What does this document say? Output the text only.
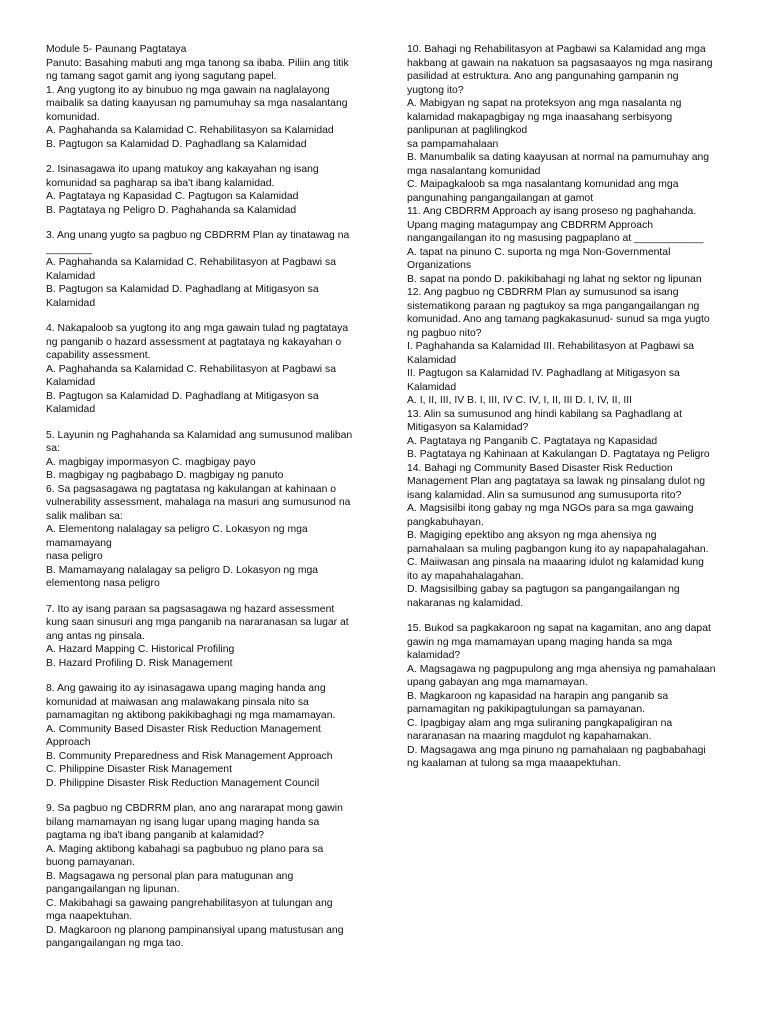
Module 5- Paunang Pagtataya
Panuto: Basahing mabuti ang mga tanong sa ibaba. Piliin ang titik
ng tamang sagot gamit ang iyong sagutang papel.
1. Ang yugtong ito ay binubuo ng mga gawain na naglalayong
maibalik sa dating kaayusan ng pamumuhay sa mga nasalantang
komunidad.
A. Paghahanda sa Kalamidad C. Rehabilitasyon sa Kalamidad
B. Pagtugon sa Kalamidad D. Paghadlang sa Kalamidad
2. Isinasagawa ito upang matukoy ang kakayahan ng isang
komunidad sa pagharap sa iba't ibang kalamidad.
A. Pagtataya ng Kapasidad C. Pagtugon sa Kalamidad
B. Pagtataya ng Peligro D. Paghahanda sa Kalamidad
3. Ang unang yugto sa pagbuo ng CBDRRM Plan ay tinatawag na
________
A. Paghahanda sa Kalamidad C. Rehabilitasyon at Pagbawi sa
Kalamidad
B. Pagtugon sa Kalamidad D. Paghadlang at Mitigasyon sa
Kalamidad
4. Nakapaloob sa yugtong ito ang mga gawain tulad ng pagtataya
ng panganib o hazard assessment at pagtataya ng kakayahan o
capability assessment.
A. Paghahanda sa Kalamidad C. Rehabilitasyon at Pagbawi sa
Kalamidad
B. Pagtugon sa Kalamidad D. Paghadlang at Mitigasyon sa
Kalamidad
5. Layunin ng Paghahanda sa Kalamidad ang sumusunod maliban
sa:
A. magbigay impormasyon C. magbigay payo
B. magbigay ng pagbabago D. magbigay ng panuto
6. Sa pagsasagawa ng pagtatasa ng kakulangan at kahinaan o
vulnerability assessment, mahalaga na masuri ang sumusunod na
salik maliban sa:
A. Elementong nalalagay sa peligro C. Lokasyon ng mga
mamamayang
nasa peligro
B. Mamamayang nalalagay sa peligro D. Lokasyon ng mga
elementong nasa peligro
7. Ito ay isang paraan sa pagsasagawa ng hazard assessment
kung saan sinusuri ang mga panganib na nararanasan sa lugar at
ang antas ng pinsala.
A. Hazard Mapping C. Historical Profiling
B. Hazard Profiling D. Risk Management
8. Ang gawaing ito ay isinasagawa upang maging handa ang
komunidad at maiwasan ang malawakang pinsala nito sa
pamamagitan ng aktibong pakikibaghagi ng mga mamamayan.
A. Community Based Disaster Risk Reduction Management
Approach
B. Community Preparedness and Risk Management Approach
C. Philippine Disaster Risk Management
D. Philippine Disaster Risk Reduction Management Council
9. Sa pagbuo ng CBDRRM plan, ano ang nararapat mong gawin
bilang mamamayan ng isang lugar upang maging handa sa
pagtama ng iba't ibang panganib at kalamidad?
A. Maging aktibong kabahagi sa pagbubuo ng plano para sa
buong pamayanan.
B. Magsagawa ng personal plan para matugunan ang
pangangailangan ng lipunan.
C. Makibahagi sa gawaing pangrehabilitasyon at tulungan ang
mga naapektuhan.
D. Magkaroon ng planong pampinansiyal upang matustusan ang
pangangailangan ng mga tao.
10. Bahagi ng Rehabilitasyon at Pagbawi sa Kalamidad ang mga
hakbang at gawain na nakatuon sa pagsasaayos ng mga nasirang
pasilidad at estruktura. Ano ang pangunahing gampanin ng
yugtong ito?
A. Mabigyan ng sapat na proteksyon ang mga nasalanta ng
kalamidad makapagbigay ng mga inaasahang serbisyong
panlipunan at paglilingkod
sa pampamahalaan
B. Manumbalik sa dating kaayusan at normal na pamumuhay ang
mga nasalantang komunidad
C. Maipagkaloob sa mga nasalantang komunidad ang mga
pangunahing pangangailangan at gamot
11. Ang CBDRRM Approach ay isang proseso ng paghahanda.
Upang maging matagumpay ang CBDRRM Approach
nangangailangan ito ng masusing pagpaplano at ____________
A. tapat na pinuno C. suporta ng mga Non-Governmental
Organizations
B. sapat na pondo D. pakikibahagi ng lahat ng sektor ng lipunan
12. Ang pagbuo ng CBDRRM Plan ay sumusunod sa isang
sistematikong paraan ng pagtukoy sa mga pangangailangan ng
komunidad. Ano ang tamang pagkakasunud- sunud sa mga yugto
ng pagbuo nito?
I. Paghahanda sa Kalamidad III. Rehabilitasyon at Pagbawi sa
Kalamidad
II. Pagtugon sa Kalamidad IV. Paghadlang at Mitigasyon sa
Kalamidad
A. I, II, III, IV B. I, III, IV C. IV, I, II, III D. I, IV, II, III
13. Alin sa sumusunod ang hindi kabilang sa Paghadlang at
Mitigasyon sa Kalamidad?
A. Pagtataya ng Panganib C. Pagtataya ng Kapasidad
B. Pagtataya ng Kahinaan at Kakulangan D. Pagtataya ng Peligro
14. Bahagi ng Community Based Disaster Risk Reduction
Management Plan ang pagtataya sa lawak ng pinsalang dulot ng
isang kalamidad. Alin sa sumusunod ang sumusuporta rito?
A. Magsisilbi itong gabay ng mga NGOs para sa mga gawaing
pangkabuhayan.
B. Magiging epektibo ang aksyon ng mga ahensiya ng
pamahalaan sa muling pagbangon kung ito ay napapahalagahan.
C. Maiiwasan ang pinsala na maaaring idulot ng kalamidad kung
ito ay mapahahalagahan.
D. Magsisilbing gabay sa pagtugon sa pangangailangan ng
nakaranas ng kalamidad.
15. Bukod sa pagkakaroon ng sapat na kagamitan, ano ang dapat
gawin ng mga mamamayan upang maging handa sa mga
kalamidad?
A. Magsagawa ng pagpupulong ang mga ahensiya ng pamahalaan
upang gabayan ang mga mamamayan.
B. Magkaroon ng kapasidad na harapin ang panganib sa
pamamagitan ng pakikipagtulungan sa pamayanan.
C. Ipagbigay alam ang mga suliraning pangkapaligiran na
nararanasan na maaring magdulot ng kapahamakan.
D. Magsagawa ang mga pinuno ng pamahalaan ng pagbabahagi
ng kaalaman at tulong sa mga maaapektuhan.
